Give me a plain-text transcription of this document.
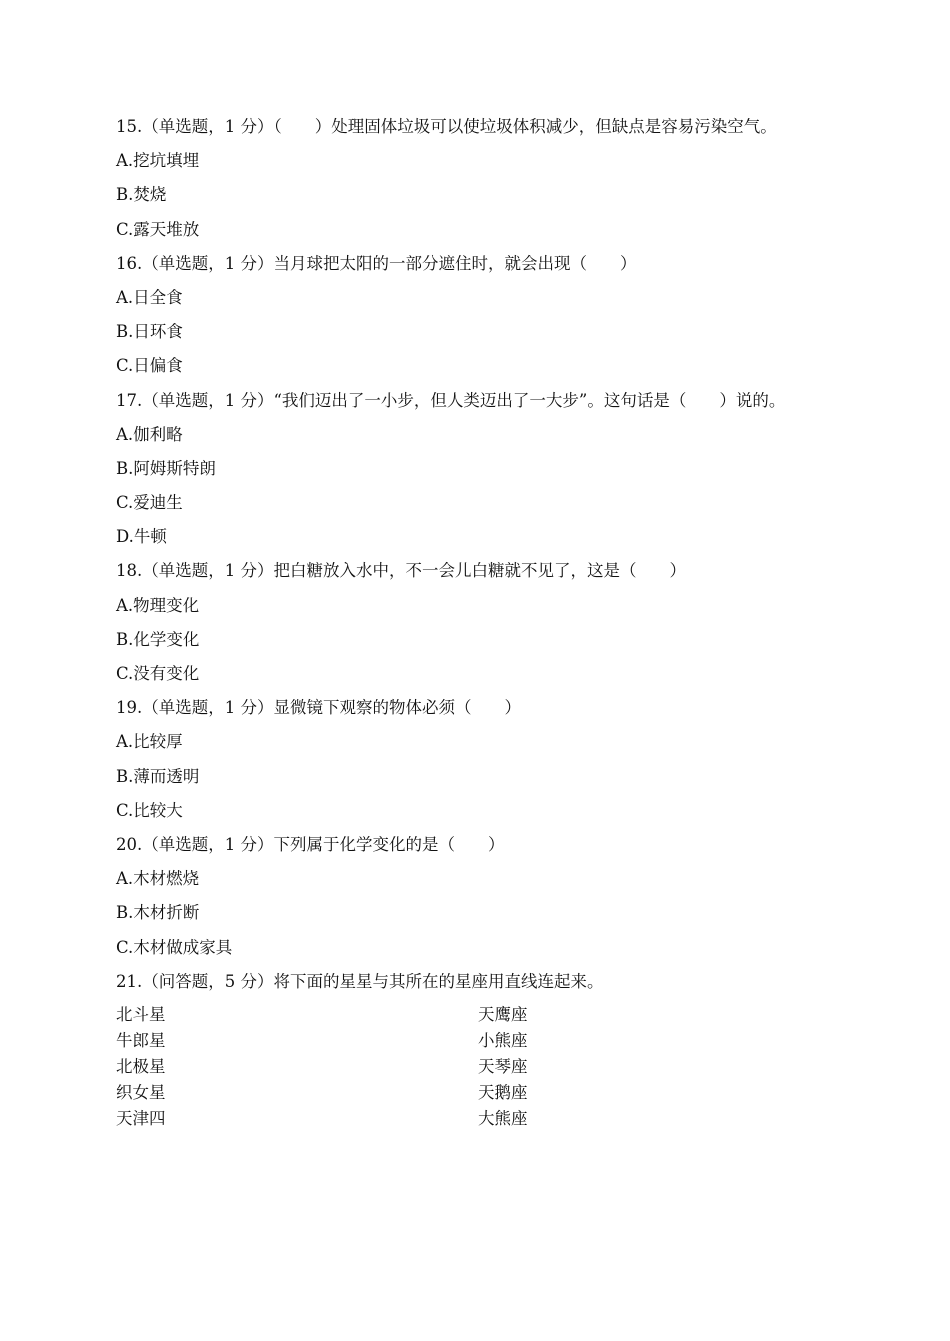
15.（单选题，1 分）（　　）处理固体垃圾可以使垃圾体积减少，但缺点是容易污染空气。
A.挖坑填埋
B.焚烧
C.露天堆放
16.（单选题，1 分）当月球把太阳的一部分遮住时，就会出现（　　）
A.日全食
B.日环食
C.日偏食
17.（单选题，1 分）“我们迈出了一小步，但人类迈出了一大步”。这句话是（　　）说的。
A.伽利略
B.阿姆斯特朗
C.爱迪生
D.牛顿
18.（单选题，1 分）把白糖放入水中，不一会儿白糖就不见了，这是（　　）
A.物理变化
B.化学变化
C.没有变化
19.（单选题，1 分）显微镜下观察的物体必须（　　）
A.比较厚
B.薄而透明
C.比较大
20.（单选题，1 分）下列属于化学变化的是（　　）
A.木材燃烧
B.木材折断
C.木材做成家具
21.（问答题，5 分）将下面的星星与其所在的星座用直线连起来。
北斗星	天鹰座
牛郎星	小熊座
北极星	天琴座
织女星	天鹅座
天津四	大熊座
